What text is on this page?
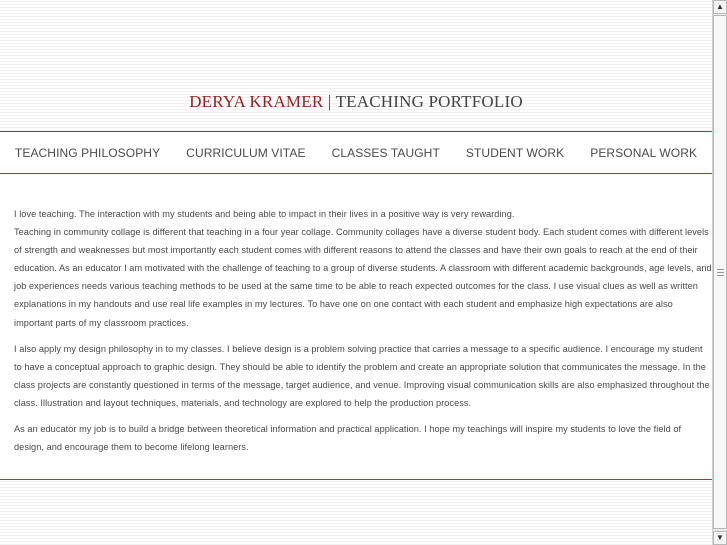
DERYA KRAMER | TEACHING PORTFOLIO
TEACHING PHILOSOPHY	CURRICULUM VITAE	CLASSES TAUGHT	STUDENT WORK	PERSONAL WORK

I love teaching. The interaction with my students and being able to impact in their lives in a positive way is very rewarding.

Teaching in community collage is different that teaching in a four year collage. Community collages have a diverse student body. Each student comes with different levels of strength and weaknesses but most importantly each student comes with different reasons to attend the classes and have their own goals to reach at the end of their education. As an educator I am motivated with the challenge of teaching to a group of diverse students. A classroom with different academic backgrounds, age levels, and job experiences needs various teaching methods to be used at the same time to be able to reach expected outcomes for the class. I use visual clues as well as written explanations in my handouts and use real life examples in my lectures. To have one on one contact with each student and emphasize high expectations are also important parts of my classroom practices.

I also apply my design philosophy in to my classes. I believe design is a problem solving practice that carries a message to a specific audience. I encourage my student to have a conceptual approach to graphic design. They should be able to identify the problem and create an appropriate solution that communicates the message. In the class projects are constantly questioned in terms of the message, target audience, and venue. Improving visual communication skills are also emphasized throughout the class. Illustration and layout techniques, materials, and technology are explored to help the production process.

As an educator my job is to build a bridge between theoretical information and practical application. I hope my teachings will inspire my students to love the field of design, and encourage them to become lifelong learners.

▲
▼
